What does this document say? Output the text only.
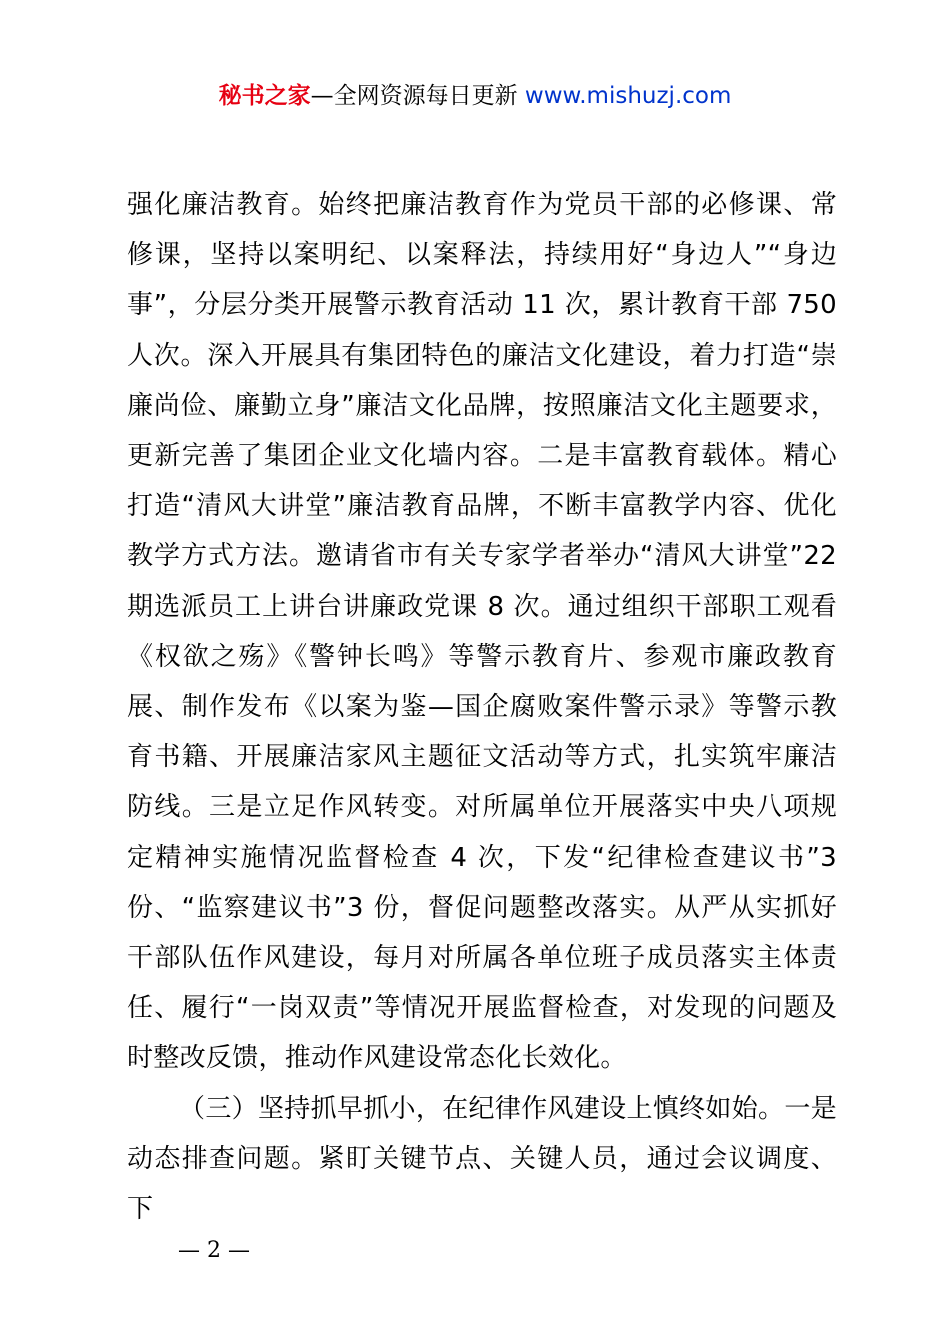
秘书之家—全网资源每日更新 www.mishuzj.com

强化廉洁教育。始终把廉洁教育作为党员干部的必修课、常修课，坚持以案明纪、以案释法，持续用好“身边人”“身边事”，分层分类开展警示教育活动 11 次，累计教育干部 750人次。深入开展具有集团特色的廉洁文化建设，着力打造“崇廉尚俭、廉勤立身”廉洁文化品牌，按照廉洁文化主题要求，更新完善了集团企业文化墙内容。二是丰富教育载体。精心打造“清风大讲堂”廉洁教育品牌，不断丰富教学内容、优化教学方式方法。邀请省市有关专家学者举办“清风大讲堂”22 期选派员工上讲台讲廉政党课 8 次。通过组织干部职工观看《权欲之殇》《警钟长鸣》等警示教育片、参观市廉政教育展、制作发布《以案为鉴—国企腐败案件警示录》等警示教育书籍、开展廉洁家风主题征文活动等方式，扎实筑牢廉洁防线。三是立足作风转变。对所属单位开展落实中央八项规定精神实施情况监督检查 4 次，下发“纪律检查建议书”3 份、“监察建议书”3 份，督促问题整改落实。从严从实抓好干部队伍作风建设，每月对所属各单位班子成员落实主体责任、履行“一岗双责”等情况开展监督检查，对发现的问题及时整改反馈，推动作风建设常态化长效化。

（三）坚持抓早抓小，在纪律作风建设上慎终如始。一是动态排查问题。紧盯关键节点、关键人员，通过会议调度、下

— 2 —
